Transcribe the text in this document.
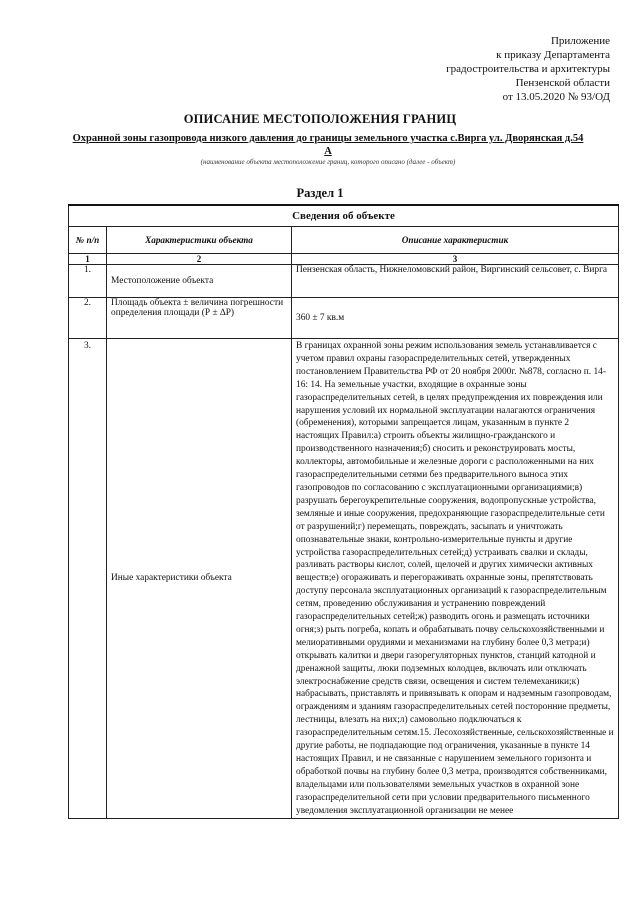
Приложение
к приказу Департамента
градостроительства и архитектуры
Пензенской области
от 13.05.2020 № 93/ОД
ОПИСАНИЕ МЕСТОПОЛОЖЕНИЯ ГРАНИЦ
Охранной зоны газопровода низкого давления до границы земельного участка с.Вирга ул. Дворянская д.54 А
(наименование объекта местоположение границ, которого описано (далее - объект)
Раздел 1
Сведения об объекте		
№ п/п	Характеристики объекта	Описание характеристик
1	2	3
1.	Местоположение объекта	Пензенская область, Нижнеломовский район, Виргинский сельсовет, с. Вирга
2.	Площадь объекта ± величина погрешности определения площади (Р ± ∆Р)	360 ± 7 кв.м
3.	Иные характеристики объекта	В границах охранной зоны режим использования земель устанавливается с учетом правил охраны газораспределительных сетей, утвержденных постановлением Правительства РФ от 20 ноября 2000г. №878, согласно п. 14-16: 14. На земельные участки, входящие в охранные зоны газораспределительных сетей, в целях предупреждения их повреждения или нарушения условий их нормальной эксплуатации налагаются ограничения (обременения), которыми запрещается лицам, указанным в пункте 2 настоящих Правил:а) строить объекты жилищно-гражданского и производственного назначения;б) сносить и реконструировать мосты, коллекторы, автомобильные и железные дороги с расположенными на них газораспределительными сетями без предварительного выноса этих газопроводов по согласованию с эксплуатационными организациями;в) разрушать берегоукрепительные сооружения, водопропускные устройства, земляные и иные сооружения, предохраняющие газораспределительные сети от разрушений;г) перемещать, повреждать, засыпать и уничтожать опознавательные знаки, контрольно-измерительные пункты и другие устройства газораспределительных сетей;д) устраивать свалки и склады, разливать растворы кислот, солей, щелочей и других химически активных веществ;е) огораживать и перегораживать охранные зоны, препятствовать доступу персонала эксплуатационных организаций к газораспределительным сетям, проведению обслуживания и устранению повреждений газораспределительных сетей;ж) разводить огонь и размещать источники огня;з) рыть погреба, копать и обрабатывать почву сельскохозяйственными и мелиоративными орудиями и механизмами на глубину более 0,3 метра;и) открывать калитки и двери газорегуляторных пунктов, станций катодной и дренажной защиты, люки подземных колодцев, включать или отключать электроснабжение средств связи, освещения и систем телемеханики;к) набрасывать, приставлять и привязывать к опорам и надземным газопроводам, ограждениям и зданиям газораспределительных сетей посторонние предметы, лестницы, влезать на них;л) самовольно подключаться к газораспределительным сетям.15. Лесохозяйственные, сельскохозяйственные и другие работы, не подпадающие под ограничения, указанные в пункте 14 настоящих Правил, и не связанные с нарушением земельного горизонта и обработкой почвы на глубину более 0,3 метра, производятся собственниками, владельцами или пользователями земельных участков в охранной зоне газораспределительной сети при условии предварительного письменного уведомления эксплуатационной организации не менее
